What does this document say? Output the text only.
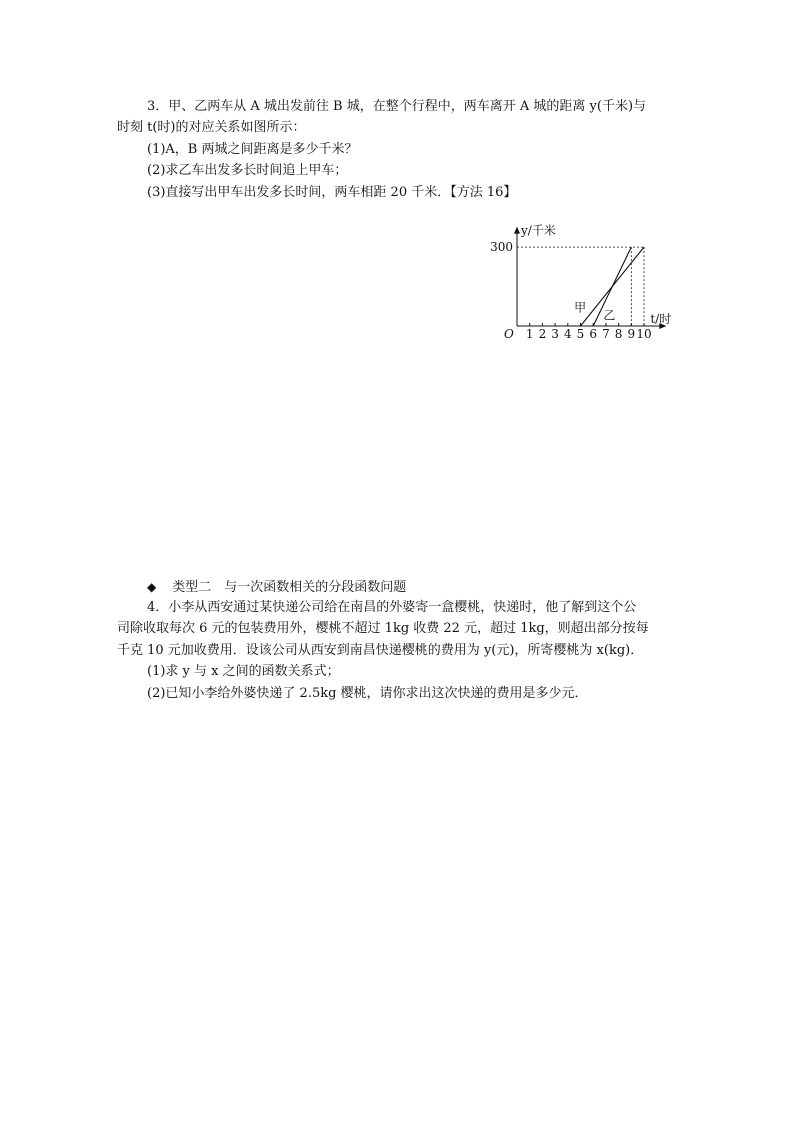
3．甲、乙两车从 A 城出发前往 B 城，在整个行程中，两车离开 A 城的距离 y(千米)与
时刻 t(时)的对应关系如图所示：
(1)A，B 两城之间距离是多少千米？
(2)求乙车出发多长时间追上甲车；
(3)直接写出甲车出发多长时间，两车相距 20 千米．【方法 16】
y/千米
t/时
O 1 2 3 4 5 6 7 8 9 10
300
甲
乙
◆ 类型二　与一次函数相关的分段函数问题
4．小李从西安通过某快递公司给在南昌的外婆寄一盒樱桃，快递时，他了解到这个公
司除收取每次 6 元的包装费用外，樱桃不超过 1kg 收费 22 元，超过 1kg，则超出部分按每
千克 10 元加收费用．设该公司从西安到南昌快递樱桃的费用为 y(元)，所寄樱桃为 x(kg)．
(1)求 y 与 x 之间的函数关系式；
(2)已知小李给外婆快递了 2.5kg 樱桃，请你求出这次快递的费用是多少元．
